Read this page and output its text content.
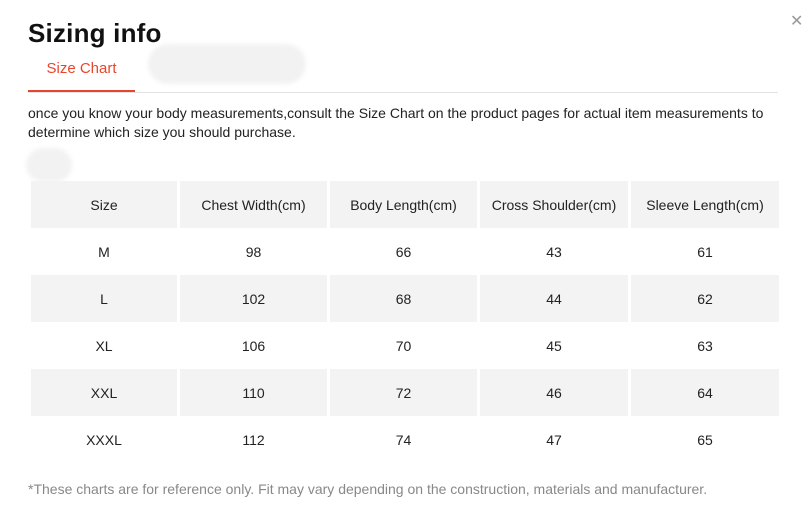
Sizing info	✕
Size Chart
once you know your body measurements,consult the Size Chart on the product pages for actual item measurements to determine which size you should purchase.
Size	Chest Width(cm)	Body Length(cm)	Cross Shoulder(cm)	Sleeve Length(cm)
M	98	66	43	61
L	102	68	44	62
XL	106	70	45	63
XXL	110	72	46	64
XXXL	112	74	47	65
*These charts are for reference only. Fit may vary depending on the construction, materials and manufacturer.
